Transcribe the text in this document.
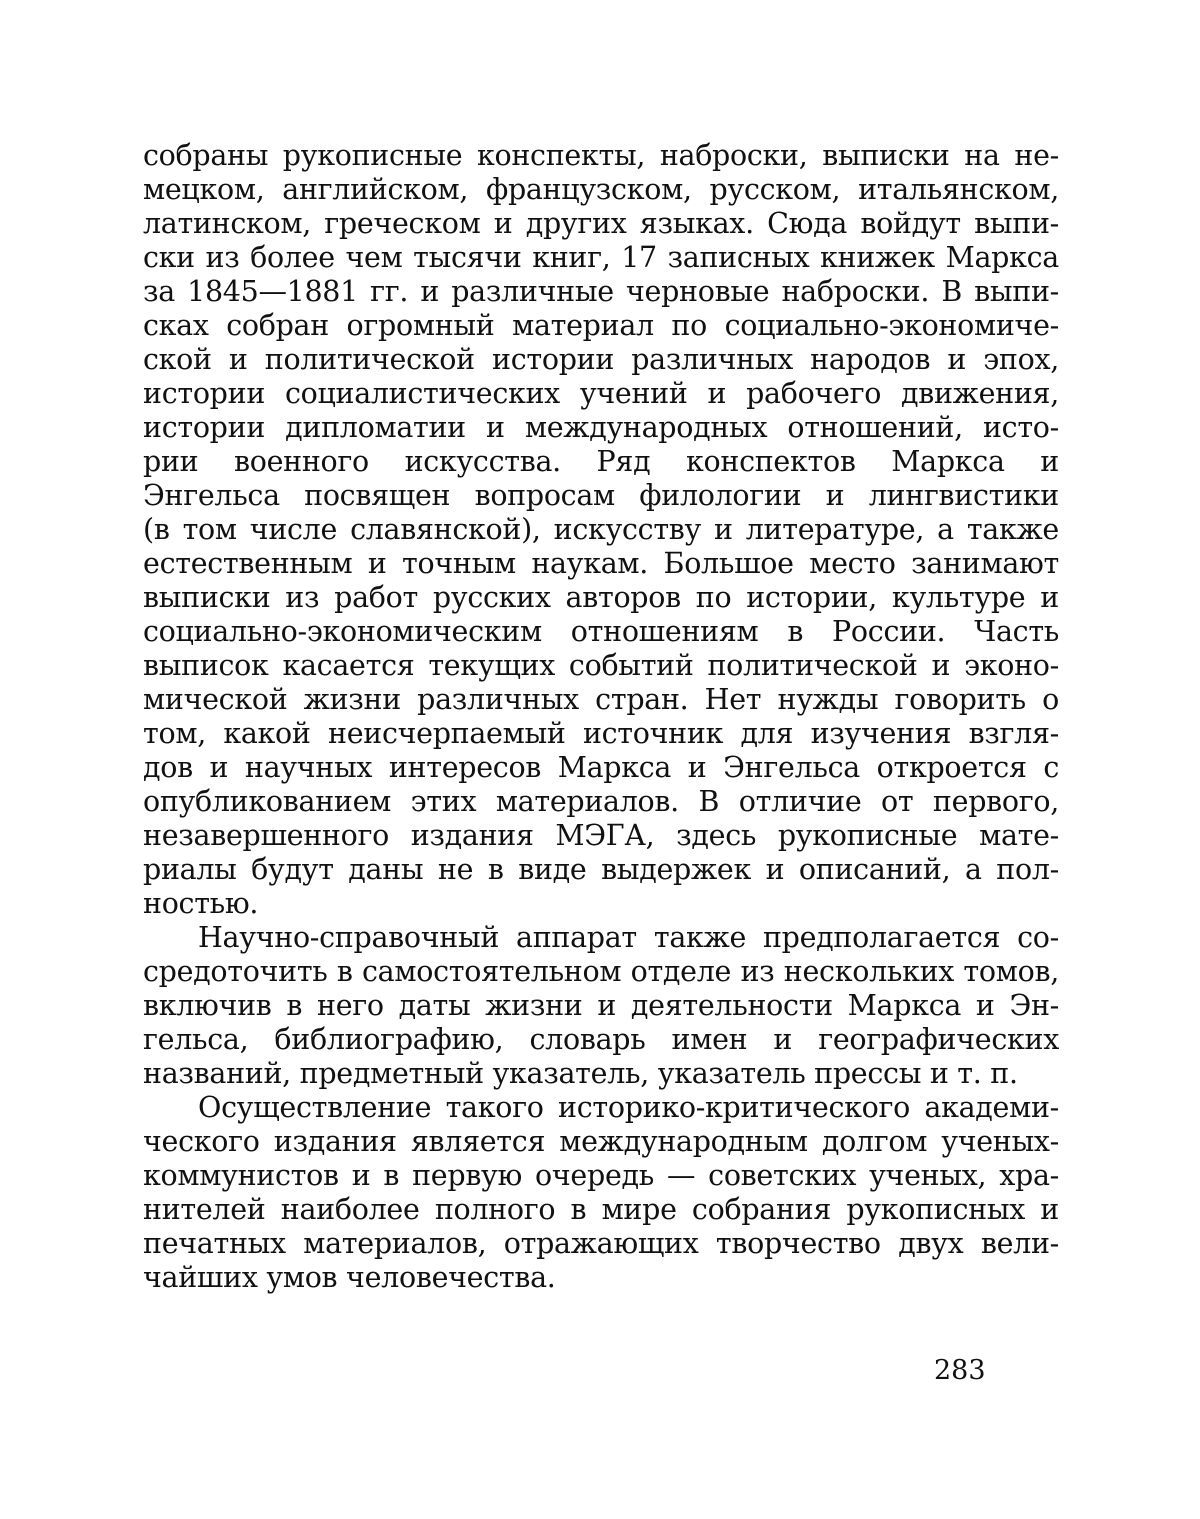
собраны рукописные конспекты, наброски, выписки на не-
мецком, английском, французском, русском, итальянском,
латинском, греческом и других языках. Сюда войдут выпи-
ски из более чем тысячи книг, 17 записных книжек Маркса
за 1845—1881 гг. и различные черновые наброски. В выпи-
сках собран огромный материал по социально-экономиче-
ской и политической истории различных народов и эпох,
истории социалистических учений и рабочего движения,
истории дипломатии и международных отношений, исто-
рии военного искусства. Ряд конспектов Маркса и
Энгельса посвящен вопросам филологии и лингвистики
(в том числе славянской), искусству и литературе, а также
естественным и точным наукам. Большое место занимают
выписки из работ русских авторов по истории, культуре и
социально-экономическим отношениям в России. Часть
выписок касается текущих событий политической и эконо-
мической жизни различных стран. Нет нужды говорить о
том, какой неисчерпаемый источник для изучения взгля-
дов и научных интересов Маркса и Энгельса откроется с
опубликованием этих материалов. В отличие от первого,
незавершенного издания МЭГА, здесь рукописные мате-
риалы будут даны не в виде выдержек и описаний, а пол-
ностью.
Научно-справочный аппарат также предполагается со-
средоточить в самостоятельном отделе из нескольких томов,
включив в него даты жизни и деятельности Маркса и Эн-
гельса, библиографию, словарь имен и географических
названий, предметный указатель, указатель прессы и т. п.
Осуществление такого историко-критического академи-
ческого издания является международным долгом ученых-
коммунистов и в первую очередь — советских ученых, хра-
нителей наиболее полного в мире собрания рукописных и
печатных материалов, отражающих творчество двух вели-
чайших умов человечества.
283
